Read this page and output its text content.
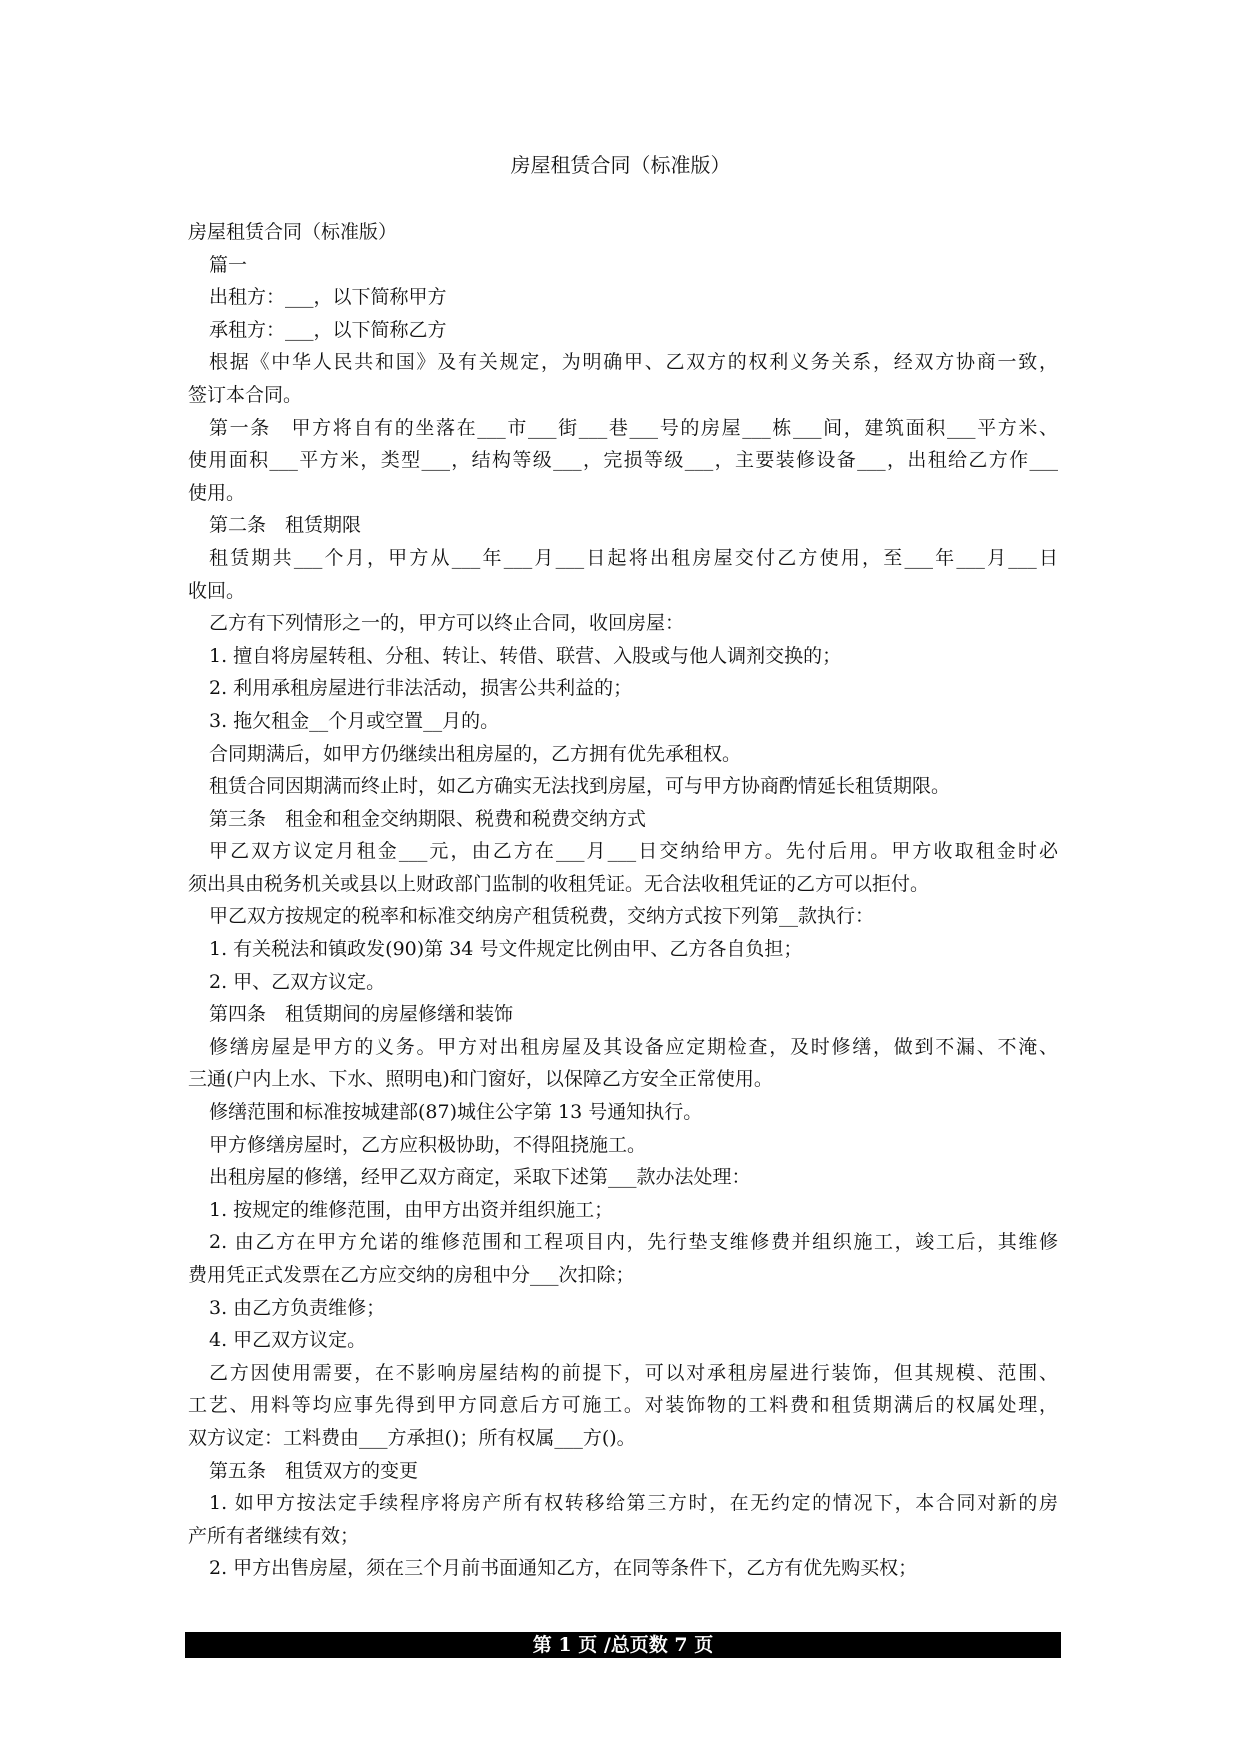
房屋租赁合同（标准版）

房屋租赁合同（标准版）

篇一

出租方：___，以下简称甲方

承租方：___，以下简称乙方

根据《中华人民共和国》及有关规定，为明确甲、乙双方的权利义务关系，经双方协商一致，

签订本合同。

第一条　甲方将自有的坐落在___市___街___巷___号的房屋___栋___间，建筑面积___平方米、

使用面积___平方米，类型___，结构等级___，完损等级___，主要装修设备___，出租给乙方作___

使用。

第二条　租赁期限

租赁期共___个月，甲方从___年___月___日起将出租房屋交付乙方使用，至___年___月___日

收回。

乙方有下列情形之一的，甲方可以终止合同，收回房屋：

1. 擅自将房屋转租、分租、转让、转借、联营、入股或与他人调剂交换的；

2. 利用承租房屋进行非法活动，损害公共利益的；

3. 拖欠租金__个月或空置__月的。

合同期满后，如甲方仍继续出租房屋的，乙方拥有优先承租权。

租赁合同因期满而终止时，如乙方确实无法找到房屋，可与甲方协商酌情延长租赁期限。

第三条　租金和租金交纳期限、税费和税费交纳方式

甲乙双方议定月租金___元，由乙方在___月___日交纳给甲方。先付后用。甲方收取租金时必

须出具由税务机关或县以上财政部门监制的收租凭证。无合法收租凭证的乙方可以拒付。

甲乙双方按规定的税率和标准交纳房产租赁税费，交纳方式按下列第__款执行：

1. 有关税法和镇政发(90)第 34 号文件规定比例由甲、乙方各自负担；

2. 甲、乙双方议定。

第四条　租赁期间的房屋修缮和装饰

修缮房屋是甲方的义务。甲方对出租房屋及其设备应定期检查，及时修缮，做到不漏、不淹、

三通(户内上水、下水、照明电)和门窗好，以保障乙方安全正常使用。

修缮范围和标准按城建部(87)城住公字第 13 号通知执行。

甲方修缮房屋时，乙方应积极协助，不得阻挠施工。

出租房屋的修缮，经甲乙双方商定，采取下述第___款办法处理：

1. 按规定的维修范围，由甲方出资并组织施工；

2. 由乙方在甲方允诺的维修范围和工程项目内，先行垫支维修费并组织施工，竣工后，其维修

费用凭正式发票在乙方应交纳的房租中分___次扣除；

3. 由乙方负责维修；

4. 甲乙双方议定。

乙方因使用需要，在不影响房屋结构的前提下，可以对承租房屋进行装饰，但其规模、范围、

工艺、用料等均应事先得到甲方同意后方可施工。对装饰物的工料费和租赁期满后的权属处理，

双方议定：工料费由___方承担()；所有权属___方()。

第五条　租赁双方的变更

1. 如甲方按法定手续程序将房产所有权转移给第三方时，在无约定的情况下，本合同对新的房

产所有者继续有效；

2. 甲方出售房屋，须在三个月前书面通知乙方，在同等条件下，乙方有优先购买权；

第 1 页 /总页数 7 页
